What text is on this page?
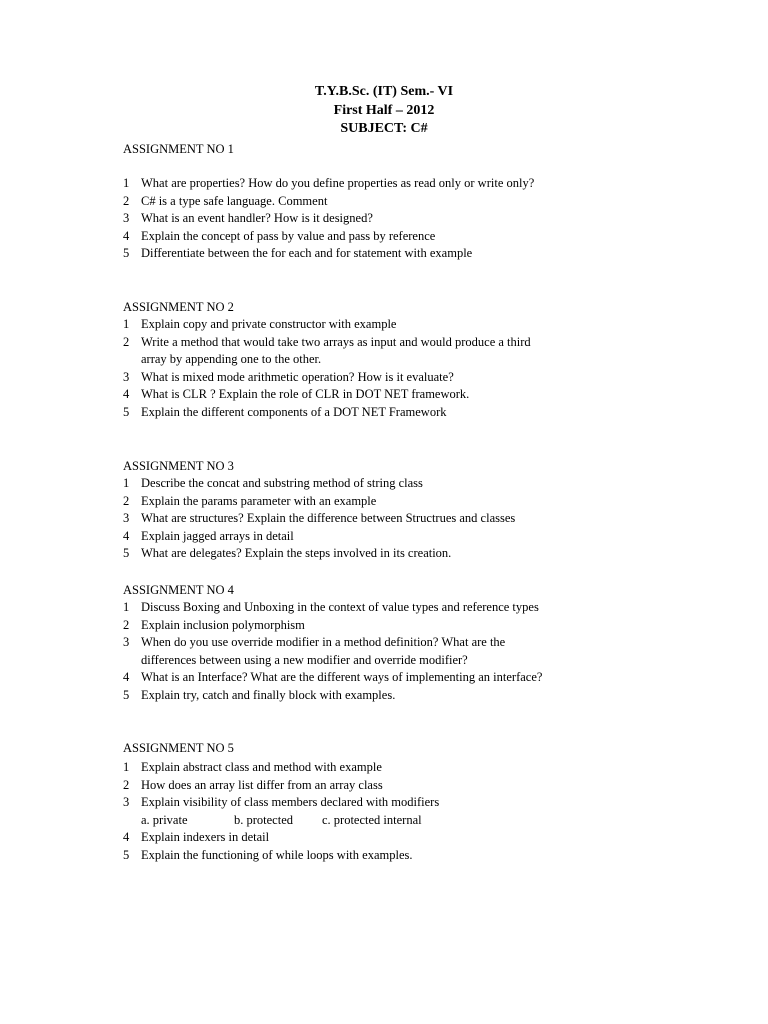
T.Y.B.Sc. (IT) Sem.- VI
First Half – 2012
SUBJECT: C#
ASSIGNMENT NO 1
1 What are properties? How do you define properties as read only or write only?
2 C# is a type safe language. Comment
3 What is an event handler? How is it designed?
4 Explain the concept of pass by value and pass by reference
5 Differentiate between the for each and for statement with example
ASSIGNMENT NO 2
1 Explain copy and private constructor with example
2 Write a method that would take two arrays as input and would produce a third
array by appending one to the other.
3 What is mixed mode arithmetic operation? How is it evaluate?
4 What is CLR ? Explain the role of CLR in DOT NET framework.
5 Explain the different components of a DOT NET Framework
ASSIGNMENT NO 3
1 Describe the concat and substring method of string class
2 Explain the params parameter with an example
3 What are structures? Explain the difference between Structrues and classes
4 Explain jagged arrays in detail
5 What are delegates? Explain the steps involved in its creation.
ASSIGNMENT NO 4
1 Discuss Boxing and Unboxing in the context of value types and reference types
2 Explain inclusion polymorphism
3 When do you use override modifier in a method definition? What are the
differences between using a new modifier and override modifier?
4 What is an Interface? What are the different ways of implementing an interface?
5 Explain try, catch and finally block with examples.
ASSIGNMENT NO 5
1 Explain abstract class and method with example
2 How does an array list differ from an array class
3 Explain visibility of class members declared with modifiers
a. private	b. protected	c. protected internal
4 Explain indexers in detail
5 Explain the functioning of while loops with examples.
